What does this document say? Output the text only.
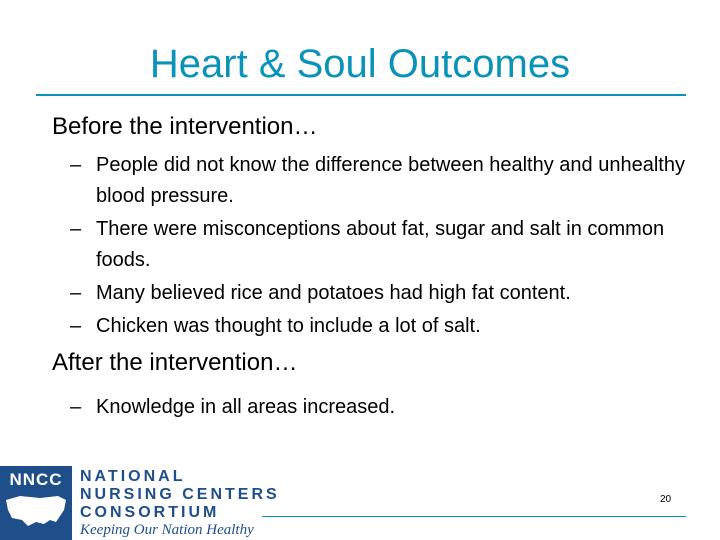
Heart & Soul Outcomes

Before the intervention…

– People did not know the difference between healthy and unhealthy blood pressure.
– There were misconceptions about fat, sugar and salt in common foods.
– Many believed rice and potatoes had high fat content.
– Chicken was thought to include a lot of salt.

After the intervention…

– Knowledge in all areas increased.
NNCC	NATIONAL
NURSING CENTERS
CONSORTIUM
Keeping Our Nation Healthy
20
